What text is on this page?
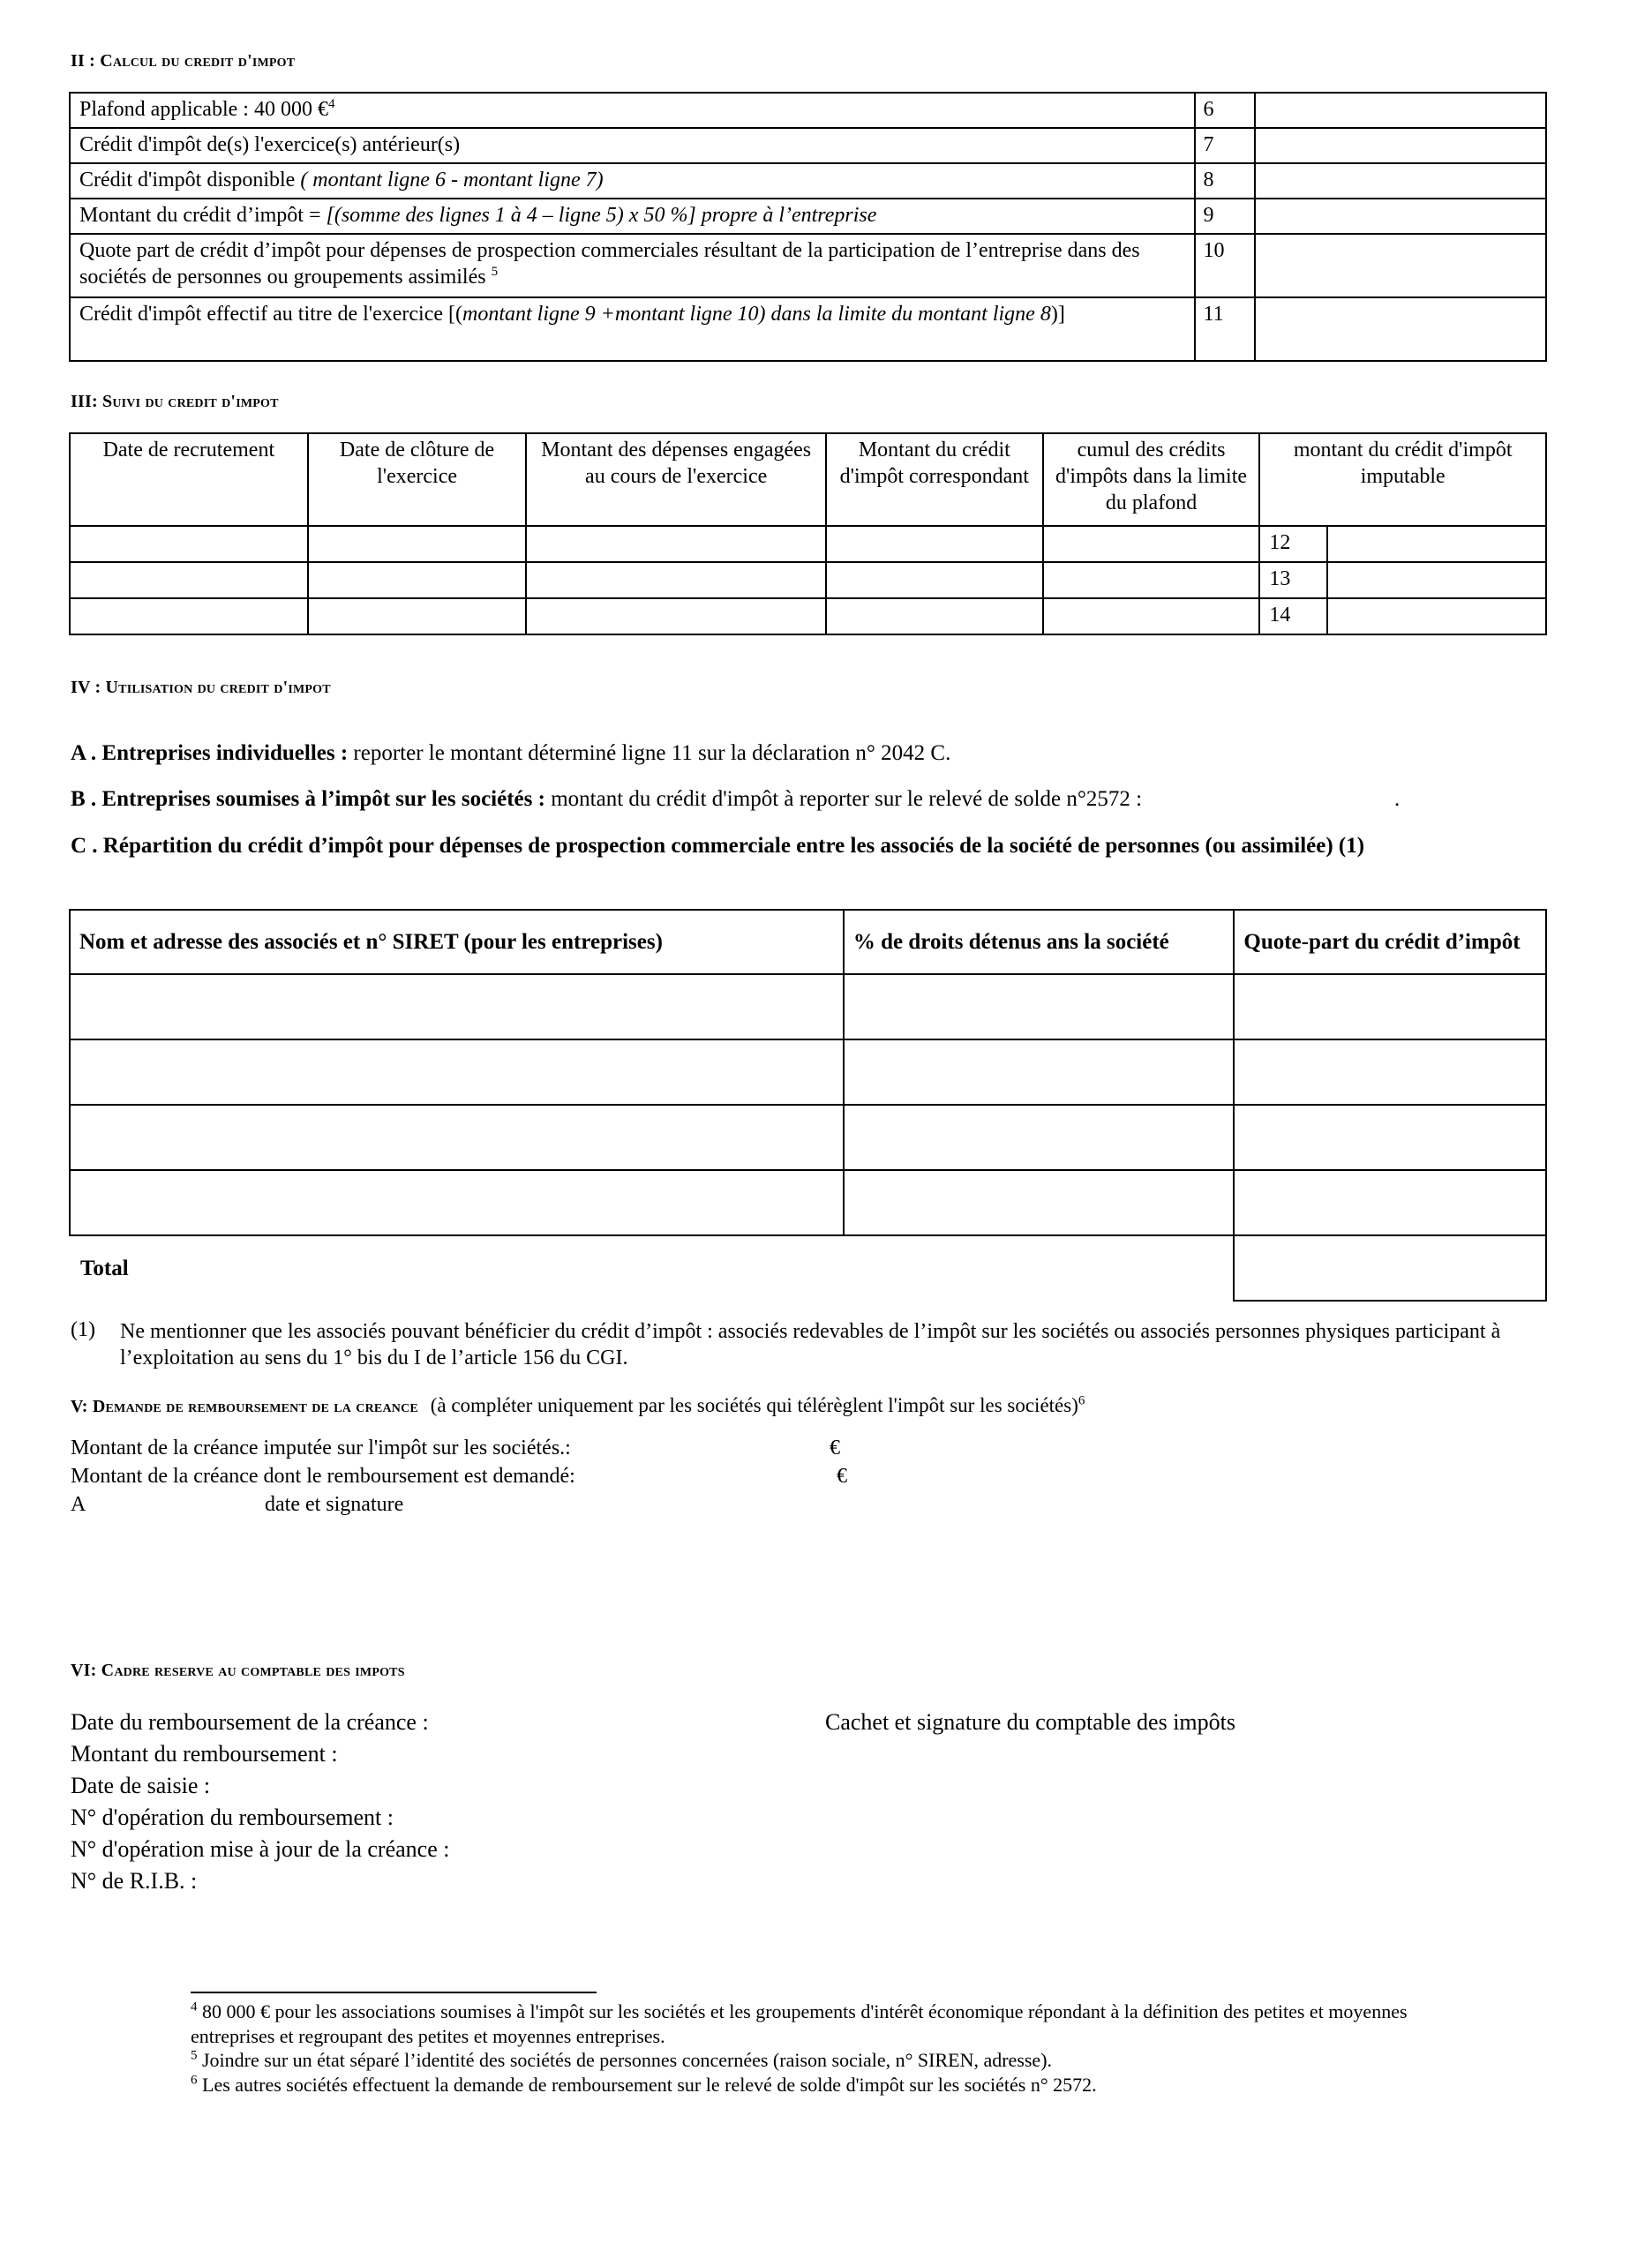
II : Calcul du credit d'impot
Plafond applicable : 40 000 €$^4$	6	
Crédit d'impôt de(s) l'exercice(s) antérieur(s)	7	
Crédit d'impôt disponible ( montant ligne 6 - montant ligne 7)	8	
Montant du crédit d’impôt = [(somme des lignes 1 à 4 – ligne 5) x 50 %] propre à l’entreprise	9	
Quote part de crédit d’impôt pour dépenses de prospection commerciales résultant de la participation de l’entreprise dans des sociétés de personnes ou groupements assimilés $^5$	10	
Crédit d'impôt effectif au titre de l'exercice [(montant ligne 9 +montant ligne 10) dans la limite du montant ligne 8)]	11	
III: Suivi du credit d'impot
Date de recrutement	Date de clôture de l'exercice	Montant des dépenses engagées au cours de l'exercice	Montant du crédit d'impôt correspondant	cumul des crédits d'impôts dans la limite du plafond	montant du crédit d'impôt imputable	
					12	
					13	
					14	
IV : Utilisation du credit d'impot
A . Entreprises individuelles : reporter le montant déterminé ligne 11 sur la déclaration n° 2042 C.
B . Entreprises soumises à l’impôt sur les sociétés : montant du crédit d'impôt à reporter sur le relevé de solde n°2572 :	.
C . Répartition du crédit d’impôt pour dépenses de prospection commerciale entre les associés de la société de personnes (ou assimilée) (1)
Nom et adresse des associés et n° SIRET (pour les entreprises)	% de droits détenus ans la société	Quote-part du crédit d’impôt

Total		
(1) Ne mentionner que les associés pouvant bénéficier du crédit d’impôt : associés redevables de l’impôt sur les sociétés ou associés personnes physiques participant à l’exploitation au sens du 1° bis du I de l’article 156 du CGI.
V: Demande de remboursement de la creance (à compléter uniquement par les sociétés qui télérèglent l'impôt sur les sociétés)$^6$
Montant de la créance imputée sur l'impôt sur les sociétés.:	€
Montant de la créance dont le remboursement est demandé:	€
A	date et signature
VI: Cadre reserve au comptable des impots
Date du remboursement de la créance :
Montant du remboursement :
Date de saisie :
N° d'opération du remboursement :
N° d'opération mise à jour de la créance :
N° de R.I.B. :
Cachet et signature du comptable des impôts
$^4$ 80 000 € pour les associations soumises à l'impôt sur les sociétés et les groupements d'intérêt économique répondant à la définition des petites et moyennes entreprises et regroupant des petites et moyennes entreprises.
$^5$ Joindre sur un état séparé l’identité des sociétés de personnes concernées (raison sociale, n° SIREN, adresse).
$^6$ Les autres sociétés effectuent la demande de remboursement sur le relevé de solde d'impôt sur les sociétés n° 2572.
